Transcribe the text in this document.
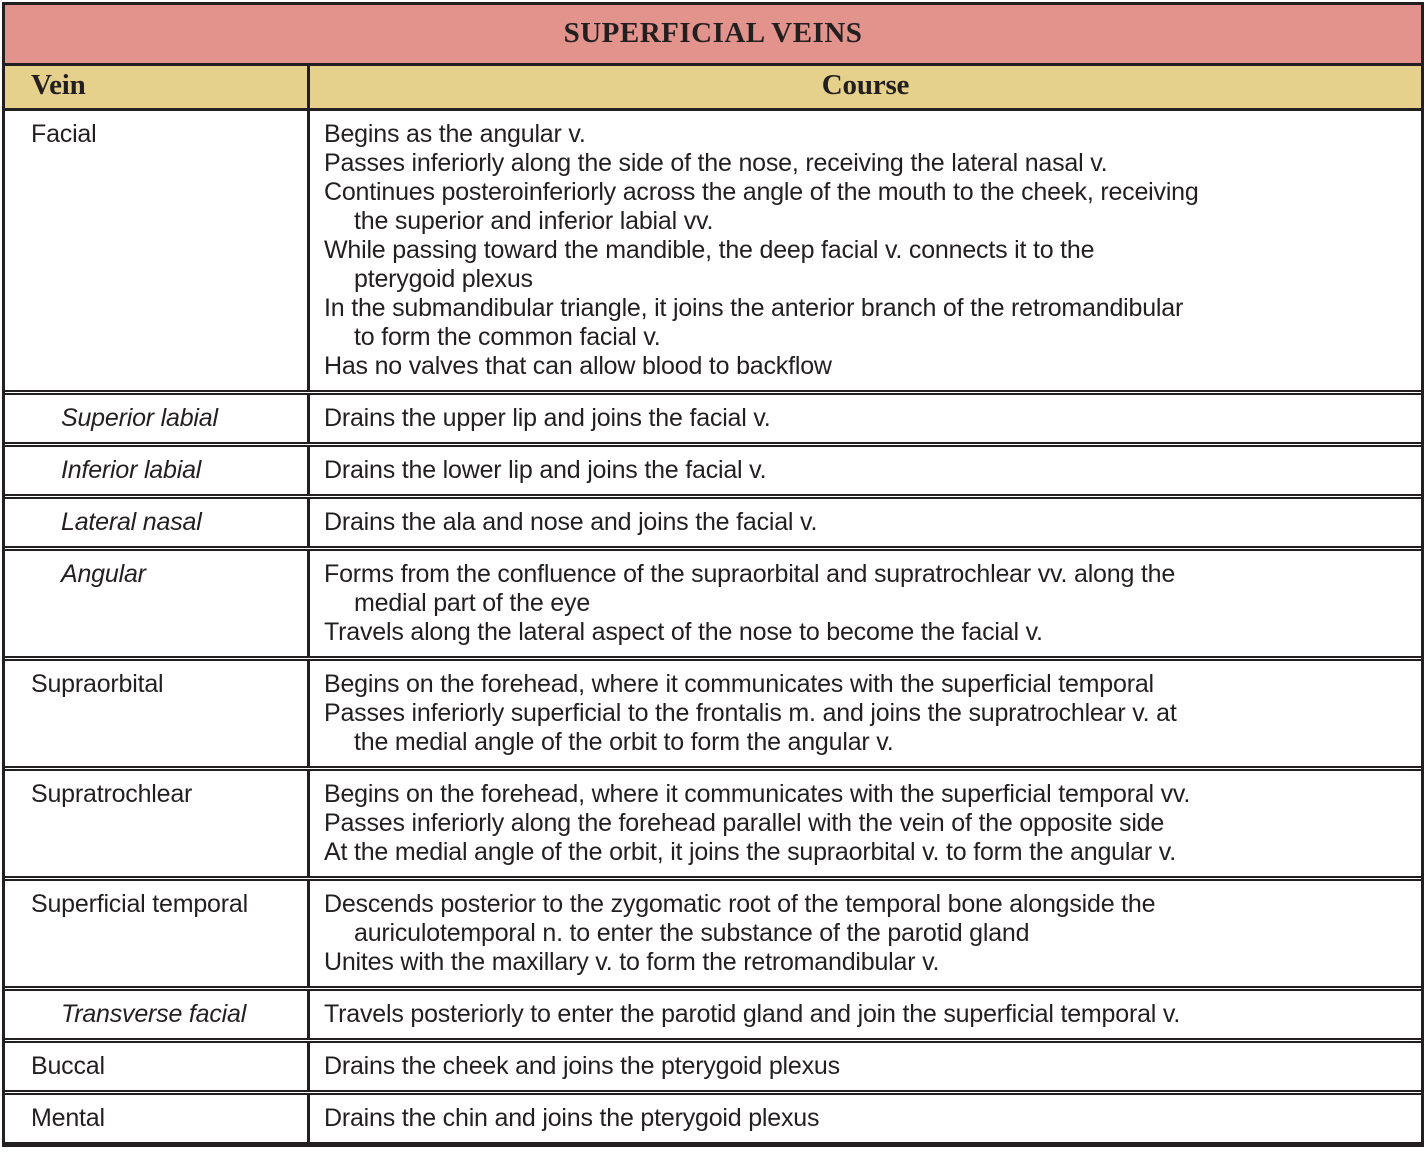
SUPERFICIAL VEINS
Vein	Course
Facial	Begins as the angular v.
Passes inferiorly along the side of the nose, receiving the lateral nasal v.
Continues posteroinferiorly across the angle of the mouth to the cheek, receiving
the superior and inferior labial vv.
While passing toward the mandible, the deep facial v. connects it to the
pterygoid plexus
In the submandibular triangle, it joins the anterior branch of the retromandibular
to form the common facial v.
Has no valves that can allow blood to backflow
Superior labial	Drains the upper lip and joins the facial v.
Inferior labial	Drains the lower lip and joins the facial v.
Lateral nasal	Drains the ala and nose and joins the facial v.
Angular	Forms from the confluence of the supraorbital and supratrochlear vv. along the
medial part of the eye
Travels along the lateral aspect of the nose to become the facial v.
Supraorbital	Begins on the forehead, where it communicates with the superficial temporal
Passes inferiorly superficial to the frontalis m. and joins the supratrochlear v. at
the medial angle of the orbit to form the angular v.
Supratrochlear	Begins on the forehead, where it communicates with the superficial temporal vv.
Passes inferiorly along the forehead parallel with the vein of the opposite side
At the medial angle of the orbit, it joins the supraorbital v. to form the angular v.
Superficial temporal	Descends posterior to the zygomatic root of the temporal bone alongside the
auriculotemporal n. to enter the substance of the parotid gland
Unites with the maxillary v. to form the retromandibular v.
Transverse facial	Travels posteriorly to enter the parotid gland and join the superficial temporal v.
Buccal	Drains the cheek and joins the pterygoid plexus
Mental	Drains the chin and joins the pterygoid plexus
